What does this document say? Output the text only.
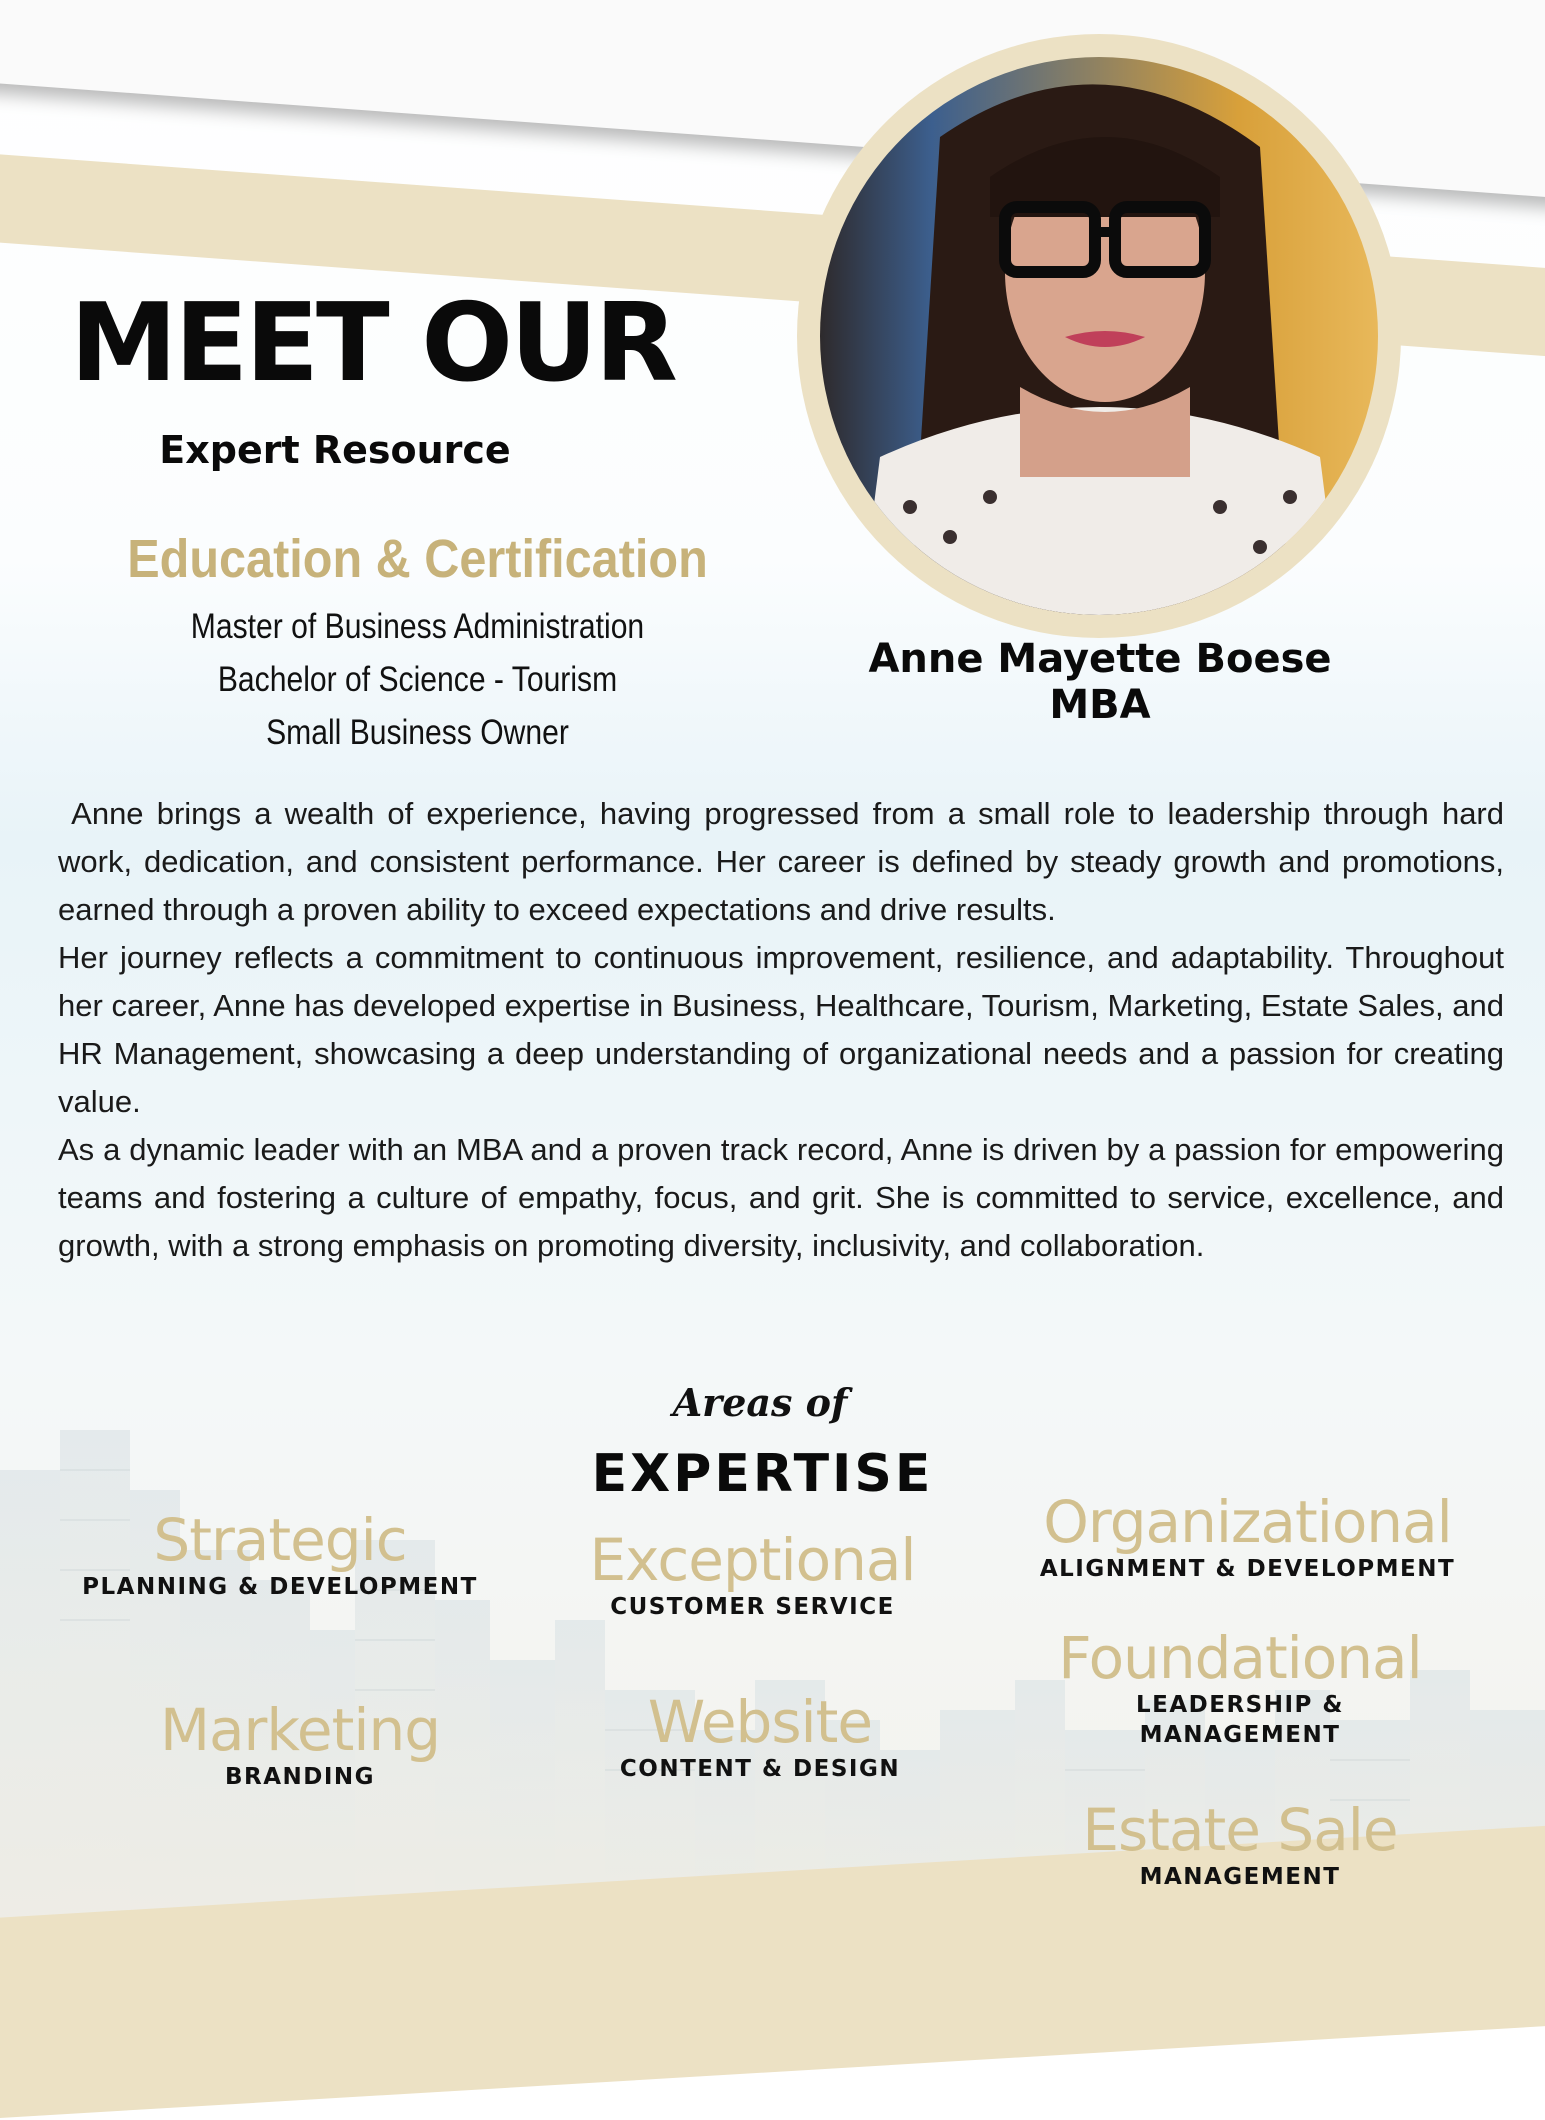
MEET OUR
Expert Resource
Education & Certification
Master of Business Administration
Bachelor of Science - Tourism
Small Business Owner
Anne Mayette Boese
MBA

Anne brings a wealth of experience, having progressed from a small role to leadership through hard work, dedication, and consistent performance. Her career is defined by steady growth and promotions, earned through a proven ability to exceed expectations and drive results.

Her journey reflects a commitment to continuous improvement, resilience, and adaptability. Throughout her career, Anne has developed expertise in Business, Healthcare, Tourism, Marketing, Estate Sales, and HR Management, showcasing a deep understanding of organizational needs and a passion for creating value.

As a dynamic leader with an MBA and a proven track record, Anne is driven by a passion for empowering teams and fostering a culture of empathy, focus, and grit. She is committed to service, excellence, and growth, with a strong emphasis on promoting diversity, inclusivity, and collaboration.

Areas of
EXPERTISE
Strategic
PLANNING & DEVELOPMENT	Exceptional
CUSTOMER SERVICE
Organizational
ALIGNMENT & DEVELOPMENT
Foundational
LEADERSHIP & MANAGEMENT
Marketing
BRANDING
Website
CONTENT & DESIGN
Estate Sale
MANAGEMENT
